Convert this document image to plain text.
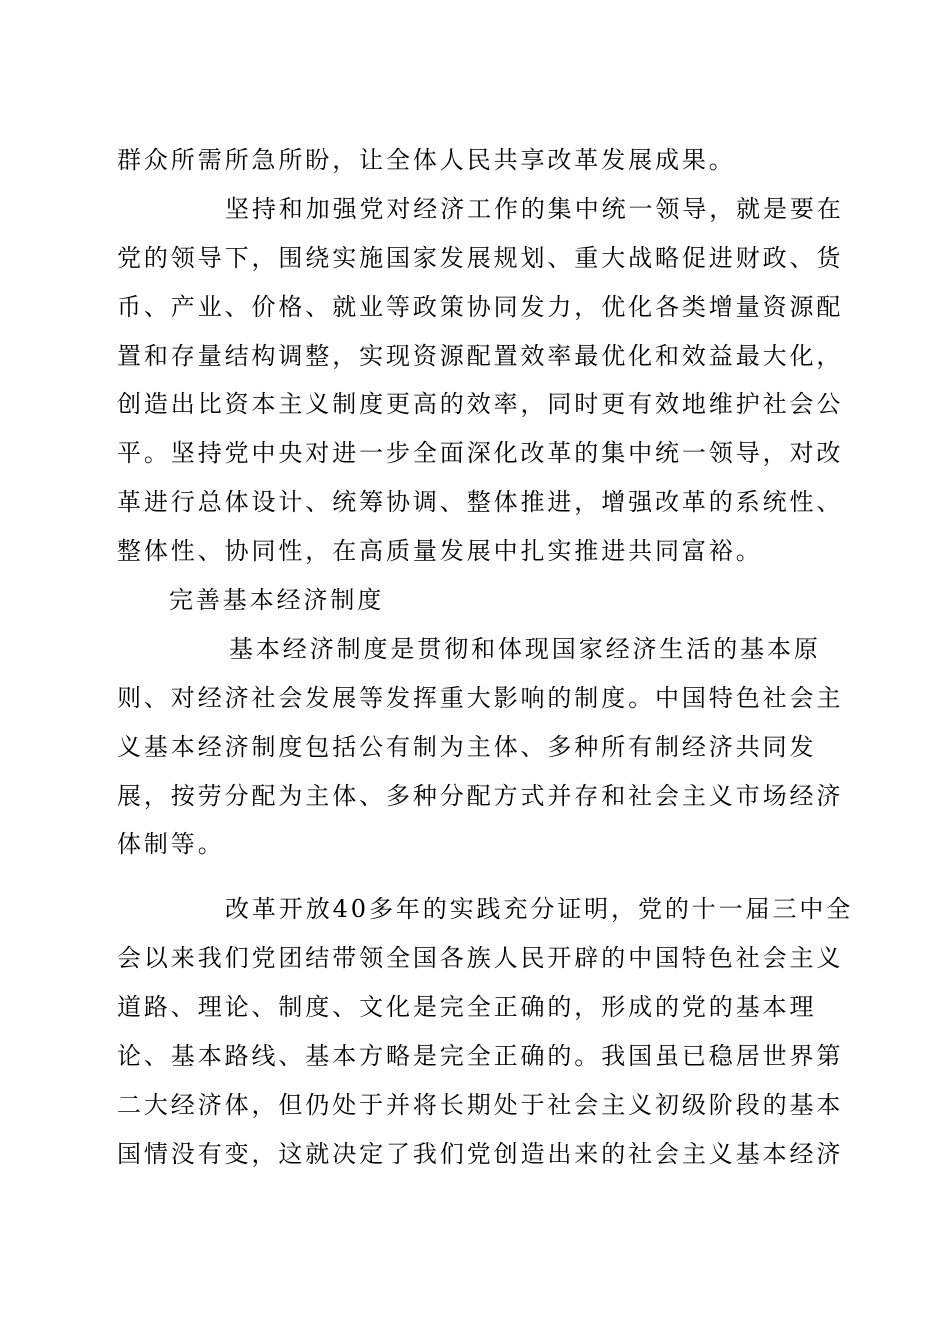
群众所需所急所盼，让全体人民共享改革发展成果。
坚持和加强党对经济工作的集中统一领导，就是要在
党的领导下，围绕实施国家发展规划、重大战略促进财政、货
币、产业、价格、就业等政策协同发力，优化各类增量资源配
置和存量结构调整，实现资源配置效率最优化和效益最大化，
创造出比资本主义制度更高的效率，同时更有效地维护社会公
平。坚持党中央对进一步全面深化改革的集中统一领导，对改
革进行总体设计、统筹协调、整体推进，增强改革的系统性、
整体性、协同性，在高质量发展中扎实推进共同富裕。
完善基本经济制度
基本经济制度是贯彻和体现国家经济生活的基本原
则、对经济社会发展等发挥重大影响的制度。中国特色社会主
义基本经济制度包括公有制为主体、多种所有制经济共同发
展，按劳分配为主体、多种分配方式并存和社会主义市场经济
体制等。
改革开放40多年的实践充分证明，党的十一届三中全
会以来我们党团结带领全国各族人民开辟的中国特色社会主义
道路、理论、制度、文化是完全正确的，形成的党的基本理
论、基本路线、基本方略是完全正确的。我国虽已稳居世界第
二大经济体，但仍处于并将长期处于社会主义初级阶段的基本
国情没有变，这就决定了我们党创造出来的社会主义基本经济
